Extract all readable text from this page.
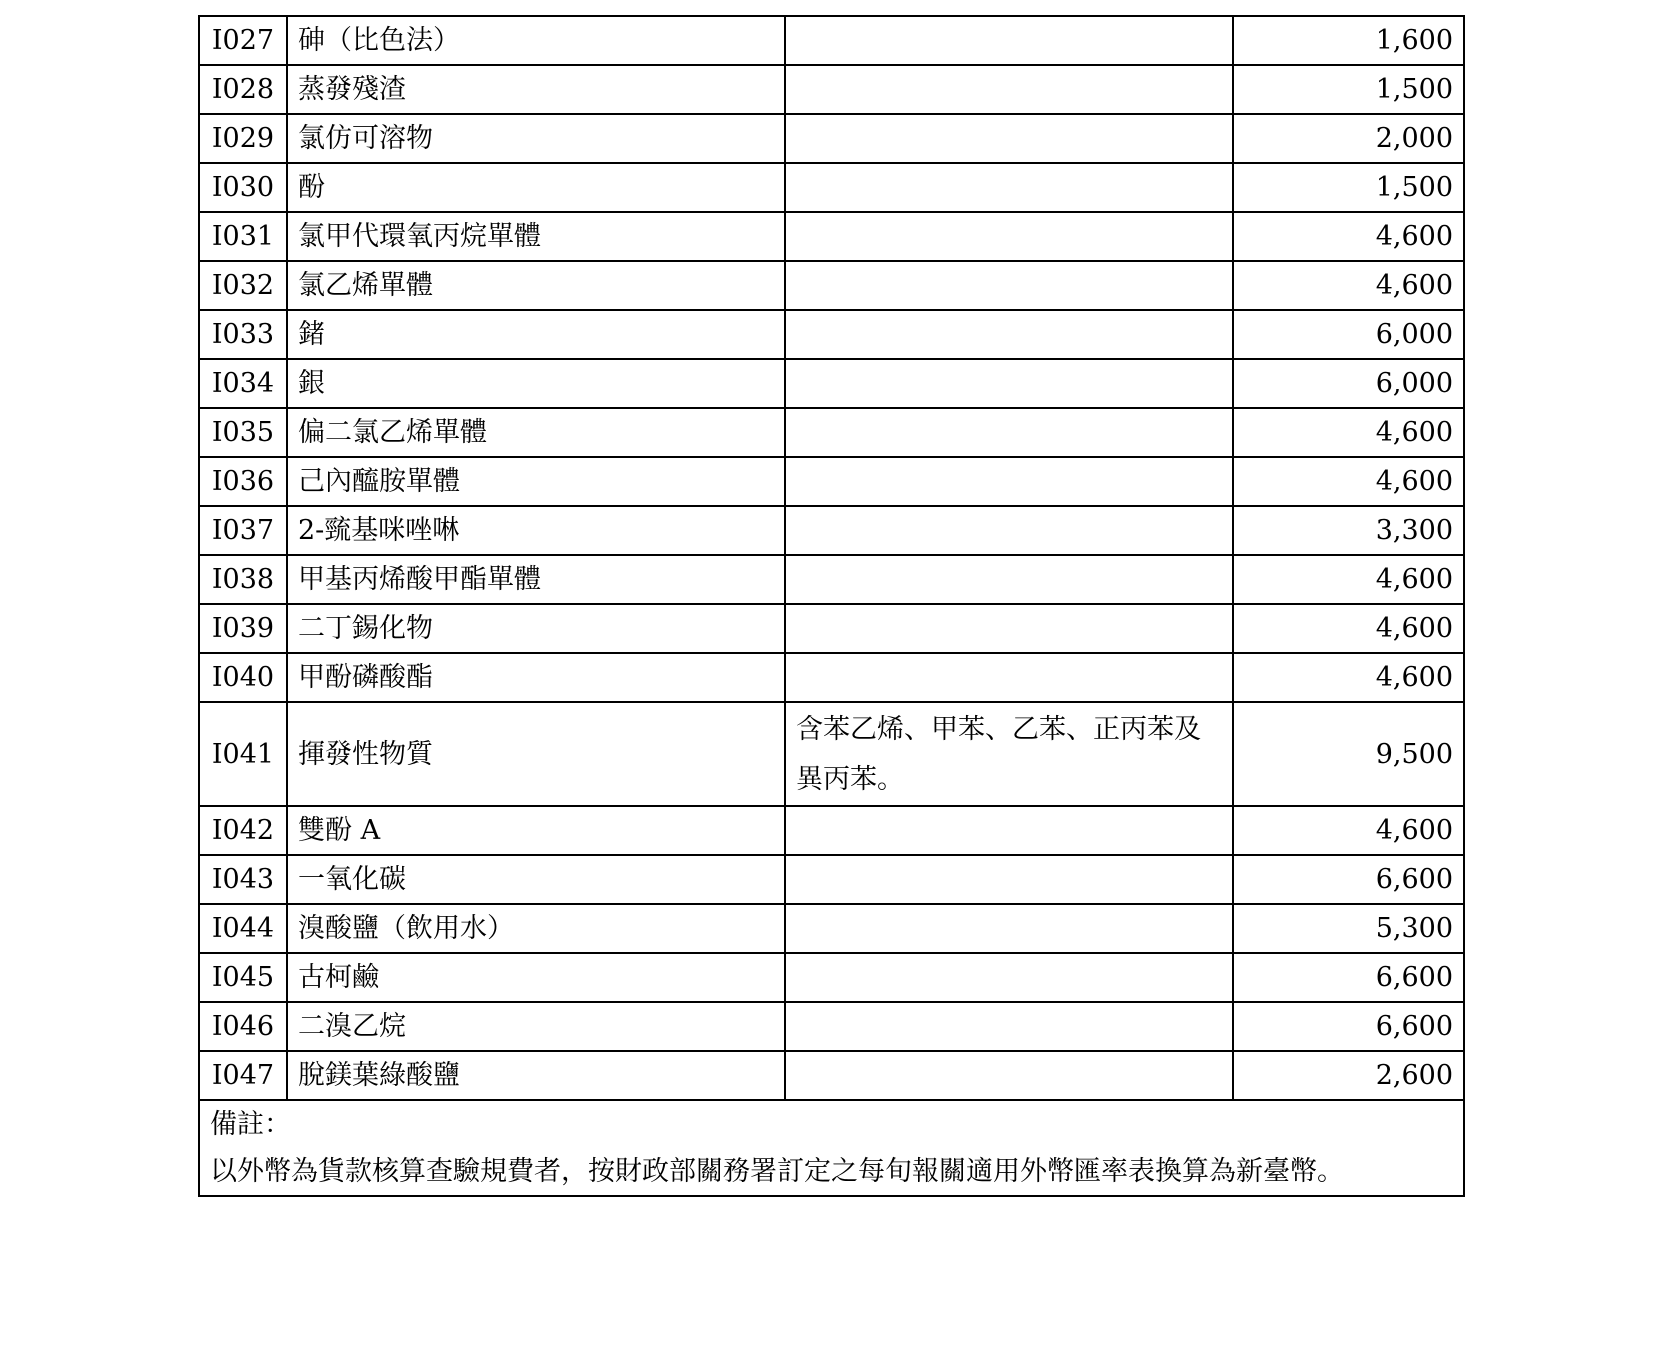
I027	砷（比色法）		1,600
I028	蒸發殘渣		1,500
I029	氯仿可溶物		2,000
I030	酚		1,500
I031	氯甲代環氧丙烷單體		4,600
I032	氯乙烯單體		4,600
I033	鍺		6,000
I034	銀		6,000
I035	偏二氯乙烯單體		4,600
I036	己內醯胺單體		4,600
I037	2-巰基咪唑啉		3,300
I038	甲基丙烯酸甲酯單體		4,600
I039	二丁錫化物		4,600
I040	甲酚磷酸酯		4,600
I041	揮發性物質	含苯乙烯、甲苯、乙苯、正丙苯及異丙苯。	9,500
I042	雙酚 A		4,600
I043	一氧化碳		6,600
I044	溴酸鹽（飲用水）		5,300
I045	古柯鹼		6,600
I046	二溴乙烷		6,600
I047	脫鎂葉綠酸鹽		2,600

備註：
以外幣為貨款核算查驗規費者，按財政部關務署訂定之每旬報關適用外幣匯率表換算為新臺幣。			
